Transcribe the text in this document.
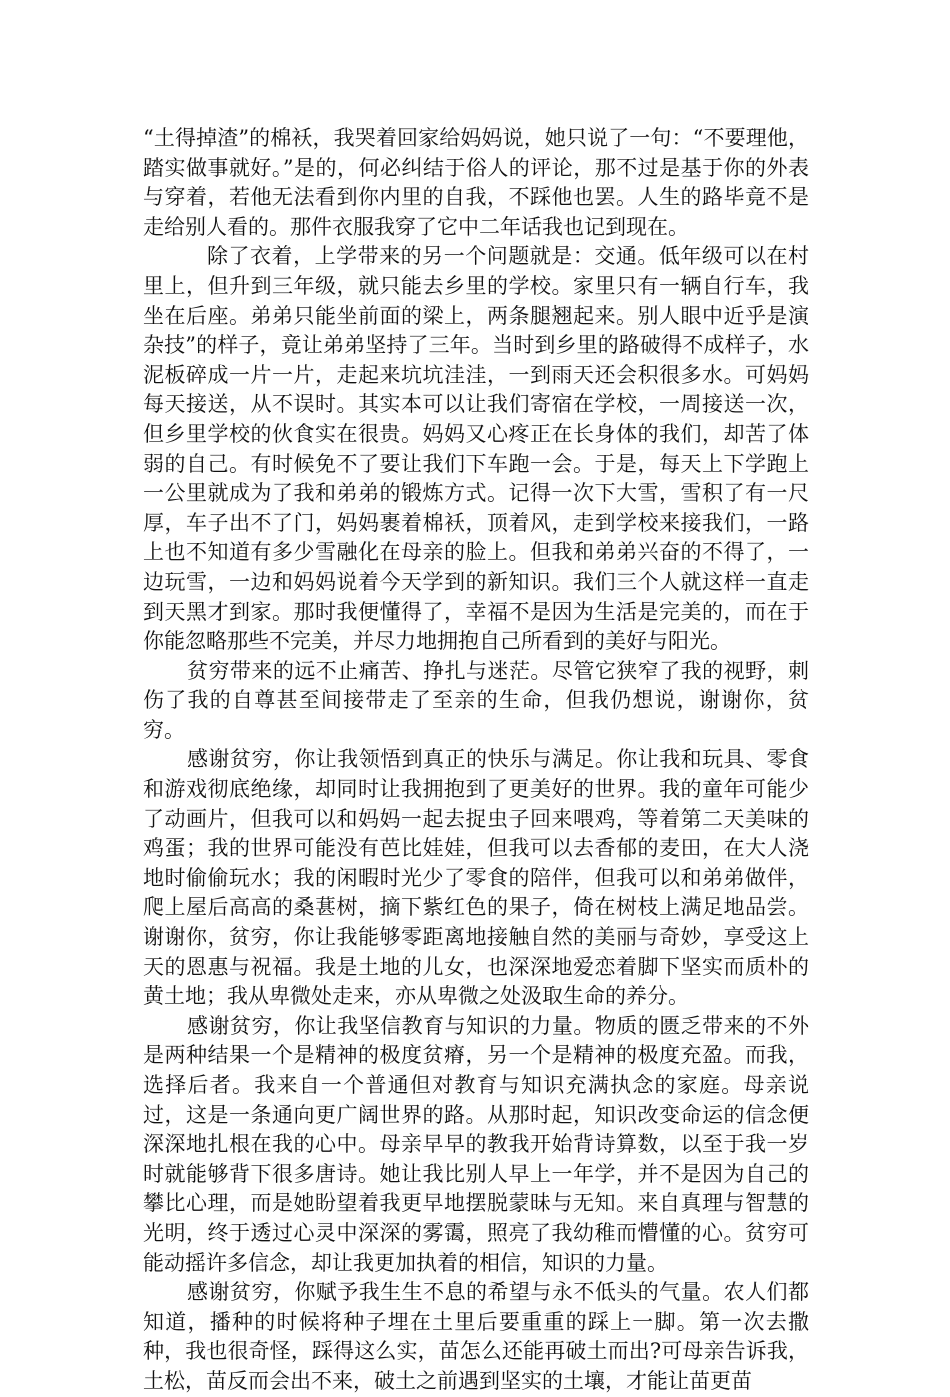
“土得掉渣”的棉袄，我哭着回家给妈妈说，她只说了一句：“不要理他，踏实做事就好。”是的，何必纠结于俗人的评论，那不过是基于你的外表与穿着，若他无法看到你内里的自我，不踩他也罢。人生的路毕竟不是走给别人看的。那件衣服我穿了它中二年话我也记到现在。

除了衣着，上学带来的另一个问题就是：交通。低年级可以在村里上，但升到三年级，就只能去乡里的学校。家里只有一辆自行车，我坐在后座。弟弟只能坐前面的梁上，两条腿翘起来。别人眼中近乎是演杂技”的样子，竟让弟弟坚持了三年。当时到乡里的路破得不成样子，水泥板碎成一片一片，走起来坑坑洼洼，一到雨天还会积很多水。可妈妈每天接送，从不误时。其实本可以让我们寄宿在学校，一周接送一次，但乡里学校的伙食实在很贵。妈妈又心疼正在长身体的我们，却苦了体弱的自己。有时候免不了要让我们下车跑一会。于是，每天上下学跑上一公里就成为了我和弟弟的锻炼方式。记得一次下大雪，雪积了有一尺厚，车子出不了门，妈妈裹着棉袄，顶着风，走到学校来接我们，一路上也不知道有多少雪融化在母亲的脸上。但我和弟弟兴奋的不得了，一边玩雪，一边和妈妈说着今天学到的新知识。我们三个人就这样一直走到天黑才到家。那时我便懂得了，幸福不是因为生活是完美的，而在于你能忽略那些不完美，并尽力地拥抱自己所看到的美好与阳光。

贫穷带来的远不止痛苦、挣扎与迷茫。尽管它狭窄了我的视野，刺伤了我的自尊甚至间接带走了至亲的生命，但我仍想说，谢谢你，贫穷。

感谢贫穷，你让我领悟到真正的快乐与满足。你让我和玩具、零食和游戏彻底绝缘，却同时让我拥抱到了更美好的世界。我的童年可能少了动画片，但我可以和妈妈一起去捉虫子回来喂鸡，等着第二天美味的鸡蛋；我的世界可能没有芭比娃娃，但我可以去香郁的麦田，在大人浇地时偷偷玩水；我的闲暇时光少了零食的陪伴，但我可以和弟弟做伴，爬上屋后高高的桑葚树，摘下紫红色的果子，倚在树枝上满足地品尝。谢谢你，贫穷，你让我能够零距离地接触自然的美丽与奇妙，享受这上天的恩惠与祝福。我是土地的儿女，也深深地爱恋着脚下坚实而质朴的黄土地；我从卑微处走来，亦从卑微之处汲取生命的养分。

感谢贫穷，你让我坚信教育与知识的力量。物质的匮乏带来的不外是两种结果一个是精神的极度贫瘠，另一个是精神的极度充盈。而我，选择后者。我来自一个普通但对教育与知识充满执念的家庭。母亲说过，这是一条通向更广阔世界的路。从那时起，知识改变命运的信念便深深地扎根在我的心中。母亲早早的教我开始背诗算数，以至于我一岁时就能够背下很多唐诗。她让我比别人早上一年学，并不是因为自己的攀比心理，而是她盼望着我更早地摆脱蒙昧与无知。来自真理与智慧的光明，终于透过心灵中深深的雾霭，照亮了我幼稚而懵懂的心。贫穷可能动摇许多信念，却让我更加执着的相信，知识的力量。

感谢贫穷，你赋予我生生不息的希望与永不低头的气量。农人们都知道，播种的时候将种子埋在土里后要重重的踩上一脚。第一次去撒种，我也很奇怪，踩得这么实，苗怎么还能再破土而出?可母亲告诉我，土松，苗反而会出不来，破土之前遇到坚实的土壤，才能让苗更苗
